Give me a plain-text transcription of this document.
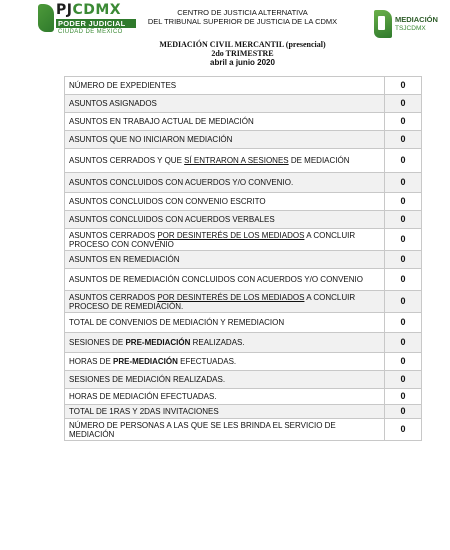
PJCDMX
PODER JUDICIAL
CIUDAD DE MÉXICO
CENTRO DE JUSTICIA ALTERNATIVA
DEL TRIBUNAL SUPERIOR DE JUSTICIA DE LA CDMX
MEDIACIÓN CIVIL MERCANTIL (presencial)
2do TRIMESTRE
abril a junio 2020
MEDIACIÓN
TSJCDMX
NÚMERO DE EXPEDIENTES	0
ASUNTOS ASIGNADOS	0
ASUNTOS EN TRABAJO ACTUAL DE MEDIACIÓN	0
ASUNTOS QUE NO INICIARON MEDIACIÓN	0
ASUNTOS CERRADOS Y QUE SÍ ENTRARON A SESIONES DE MEDIACIÓN	0
ASUNTOS CONCLUIDOS CON ACUERDOS Y/O CONVENIO.	0
ASUNTOS CONCLUIDOS CON CONVENIO ESCRITO	0
ASUNTOS CONCLUIDOS CON ACUERDOS VERBALES	0
ASUNTOS CERRADOS POR DESINTERÉS DE LOS MEDIADOS A CONCLUIR PROCESO CON CONVENIO	0
ASUNTOS EN REMEDIACIÓN	0
ASUNTOS DE REMEDIACIÓN CONCLUIDOS CON ACUERDOS Y/O CONVENIO	0
ASUNTOS CERRADOS POR DESINTERÉS DE LOS MEDIADOS A CONCLUIR PROCESO DE REMEDIACIÓN.	0
TOTAL DE CONVENIOS DE MEDIACIÓN Y REMEDIACION	0
SESIONES DE PRE-MEDIACIÓN REALIZADAS.	0
HORAS DE PRE-MEDIACIÓN EFECTUADAS.	0
SESIONES DE MEDIACIÓN REALIZADAS.	0
HORAS DE MEDIACIÓN EFECTUADAS.	0
TOTAL DE 1RAS Y 2DAS INVITACIONES	0
NÚMERO DE PERSONAS A LAS QUE SE LES BRINDA EL SERVICIO DE MEDIACIÓN	0
